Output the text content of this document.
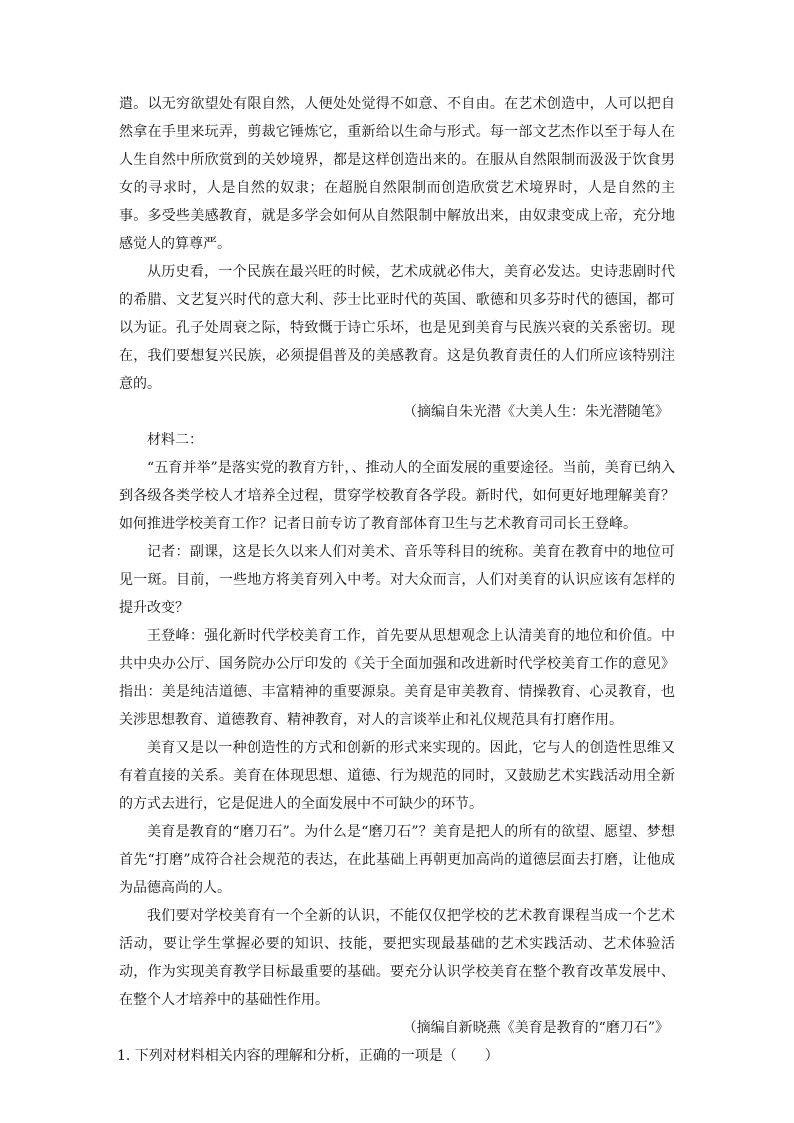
遣。以无穷欲望处有限自然，人便处处觉得不如意、不自由。在艺术创造中，人可以把自然拿在手里来玩弄，剪裁它锤炼它，重新给以生命与形式。每一部文艺杰作以至于每人在人生自然中所欣赏到的关妙境界，都是这样创造出来的。在服从自然限制而汲汲于饮食男女的寻求时，人是自然的奴隶；在超脱自然限制而创造欣赏艺术境界时，人是自然的主事。多受些美感教育，就是多学会如何从自然限制中解放出来，由奴隶变成上帝，充分地感觉人的算尊严。

从历史看，一个民族在最兴旺的时候，艺术成就必伟大，美育必发达。史诗悲剧时代的希腊、文艺复兴时代的意大利、莎士比亚时代的英国、歌德和贝多芬时代的德国，都可以为证。孔子处周衰之际，特致慨于诗亡乐坏，也是见到美育与民族兴衰的关系密切。现在，我们要想复兴民族，必须提倡普及的美感教育。这是负教育责任的人们所应该特别注意的。

（摘编自朱光潜《大美人生：朱光潜随笔》

材料二：

“五育并举”是落实党的教育方针，、推动人的全面发展的重要途径。当前，美育已纳入到各级各类学校人才培养全过程，贯穿学校教育各学段。新时代，如何更好地理解美育？如何推进学校美育工作？记者日前专访了教育部体育卫生与艺术教育司司长王登峰。

记者：副课，这是长久以来人们对美术、音乐等科目的统称。美育在教育中的地位可见一斑。目前，一些地方将美育列入中考。对大众而言，人们对美育的认识应该有怎样的提升改变？

王登峰：强化新时代学校美育工作，首先要从思想观念上认清美育的地位和价值。中共中央办公厅、国务院办公厅印发的《关于全面加强和改进新时代学校美育工作的意见》指出：美是纯洁道德、丰富精神的重要源泉。美育是审美教育、情操教育、心灵教育，也关涉思想教育、道德教育、精神教育，对人的言谈举止和礼仪规范具有打磨作用。

美育又是以一种创造性的方式和创新的形式来实现的。因此，它与人的创造性思维又有着直接的关系。美育在体现思想、道德、行为规范的同时，又鼓励艺术实践活动用全新的方式去进行，它是促进人的全面发展中不可缺少的环节。

美育是教育的“磨刀石”。为什么是“磨刀石”？美育是把人的所有的欲望、愿望、梦想首先“打磨”成符合社会规范的表达，在此基础上再朝更加高尚的道德层面去打磨，让他成为品德高尚的人。

我们要对学校美育有一个全新的认识，不能仅仅把学校的艺术教育课程当成一个艺术活动，要让学生掌握必要的知识、技能，要把实现最基础的艺术实践活动、艺术体验活动，作为实现美育教学目标最重要的基础。要充分认识学校美育在整个教育改革发展中、在整个人才培养中的基础性作用。

（摘编自新晓燕《美育是教育的“磨刀石”》

1. 下列对材料相关内容的理解和分析，正确的一项是（　　）
